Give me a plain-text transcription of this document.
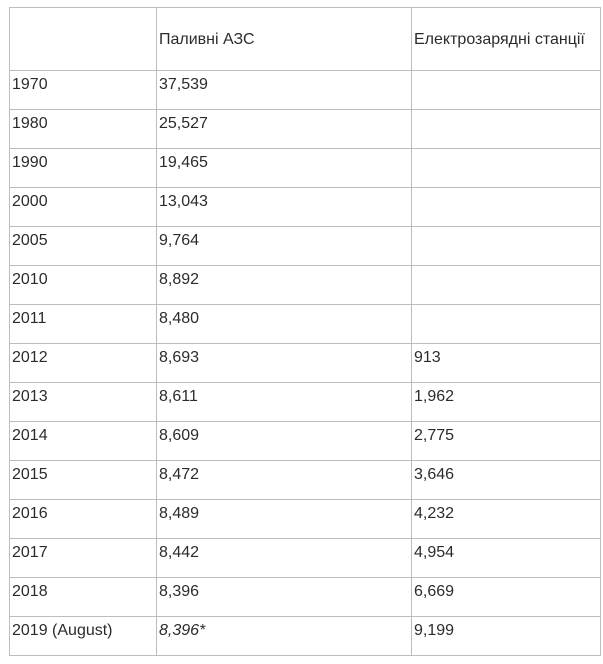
	Паливні АЗС	Електрозарядні станції
1970	37,539	
1980	25,527	
1990	19,465	
2000	13,043	
2005	9,764	
2010	8,892	
2011	8,480	
2012	8,693	913
2013	8,611	1,962
2014	8,609	2,775
2015	8,472	3,646
2016	8,489	4,232
2017	8,442	4,954
2018	8,396	6,669
2019 (August)	8,396*	9,199
